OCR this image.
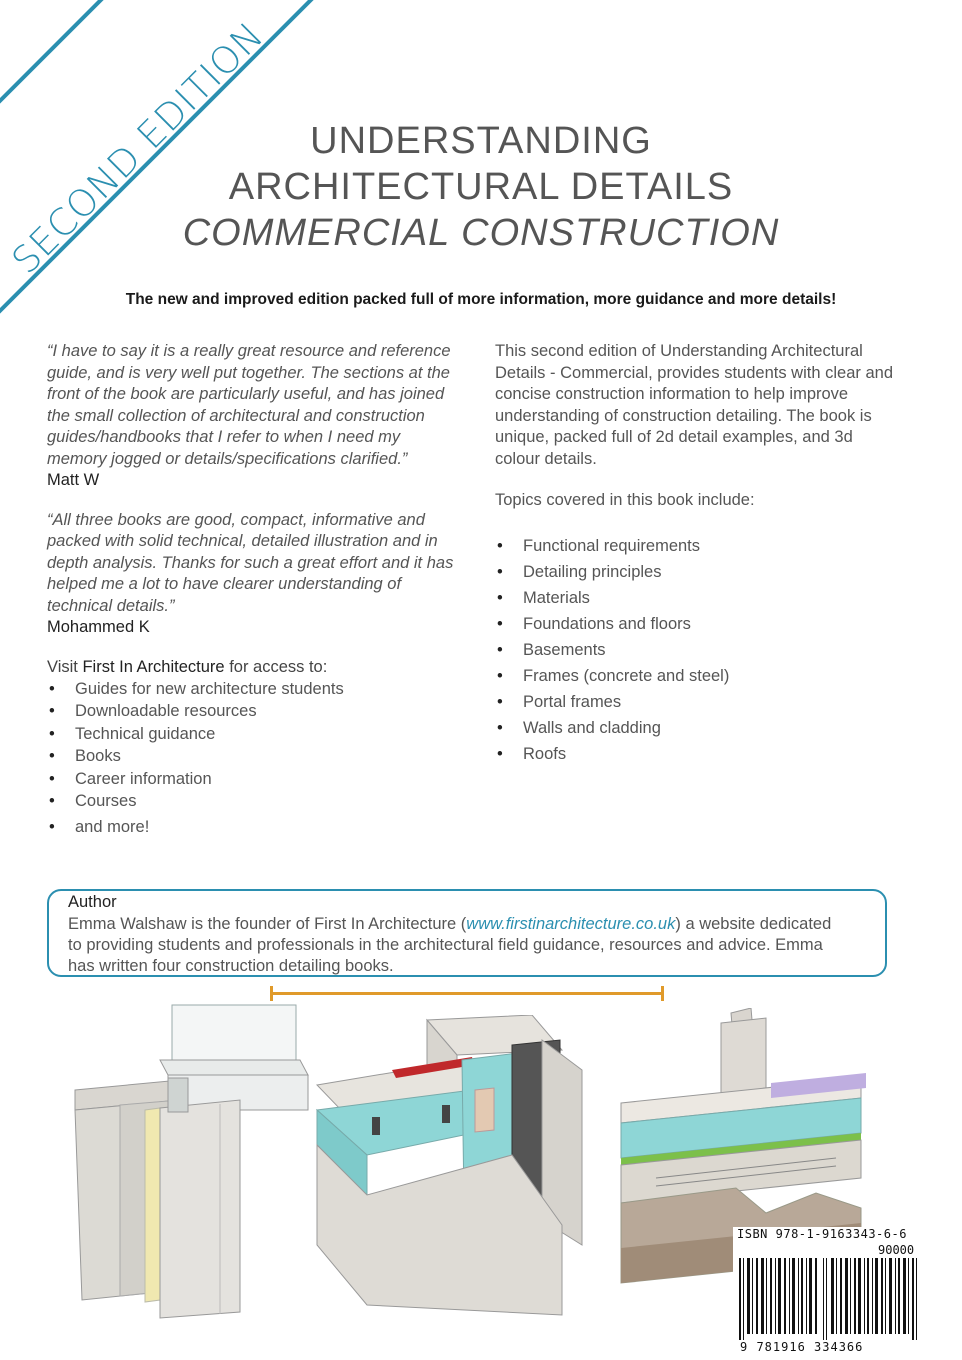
SECOND EDITION UNDERSTANDING
ARCHITECTURAL DETAILS
COMMERCIAL CONSTRUCTION
The new and improved edition packed full of more information, more guidance and more details!

“I have to say it is a really great resource and reference guide, and is very well put together. The sections at the front of the book are particularly useful, and has joined the small collection of architectural and construction guides/handbooks that I refer to when I need my memory jogged or details/specifications clarified.”

Matt W

“All three books are good, compact, informative and packed with solid technical, detailed illustration and in depth analysis. Thanks for such a great effort and it has helped me a lot to have clearer understanding of technical details.”

Mohammed K

Visit First In Architecture for access to:

• Guides for new architecture students
• Downloadable resources
• Technical guidance
• Books
• Career information
• Courses
• and more!

This second edition of Understanding Architectural Details - Commercial, provides students with clear and concise construction information to help improve understanding of construction detailing. The book is unique, packed full of 2d detail examples, and 3d colour details.

Topics covered in this book include:

• Functional requirements
• Detailing principles
• Materials
• Foundations and floors
• Basements
• Frames (concrete and steel)
• Portal frames
• Walls and cladding
• Roofs
Author
Emma Walshaw is the founder of First In Architecture (www.firstinarchitecture.co.uk) a website dedicated to providing students and professionals in the architectural field guidance, resources and advice. Emma has written four construction detailing books.
ISBN 978-1-9163343-6-6
90000
9 781916 334366
